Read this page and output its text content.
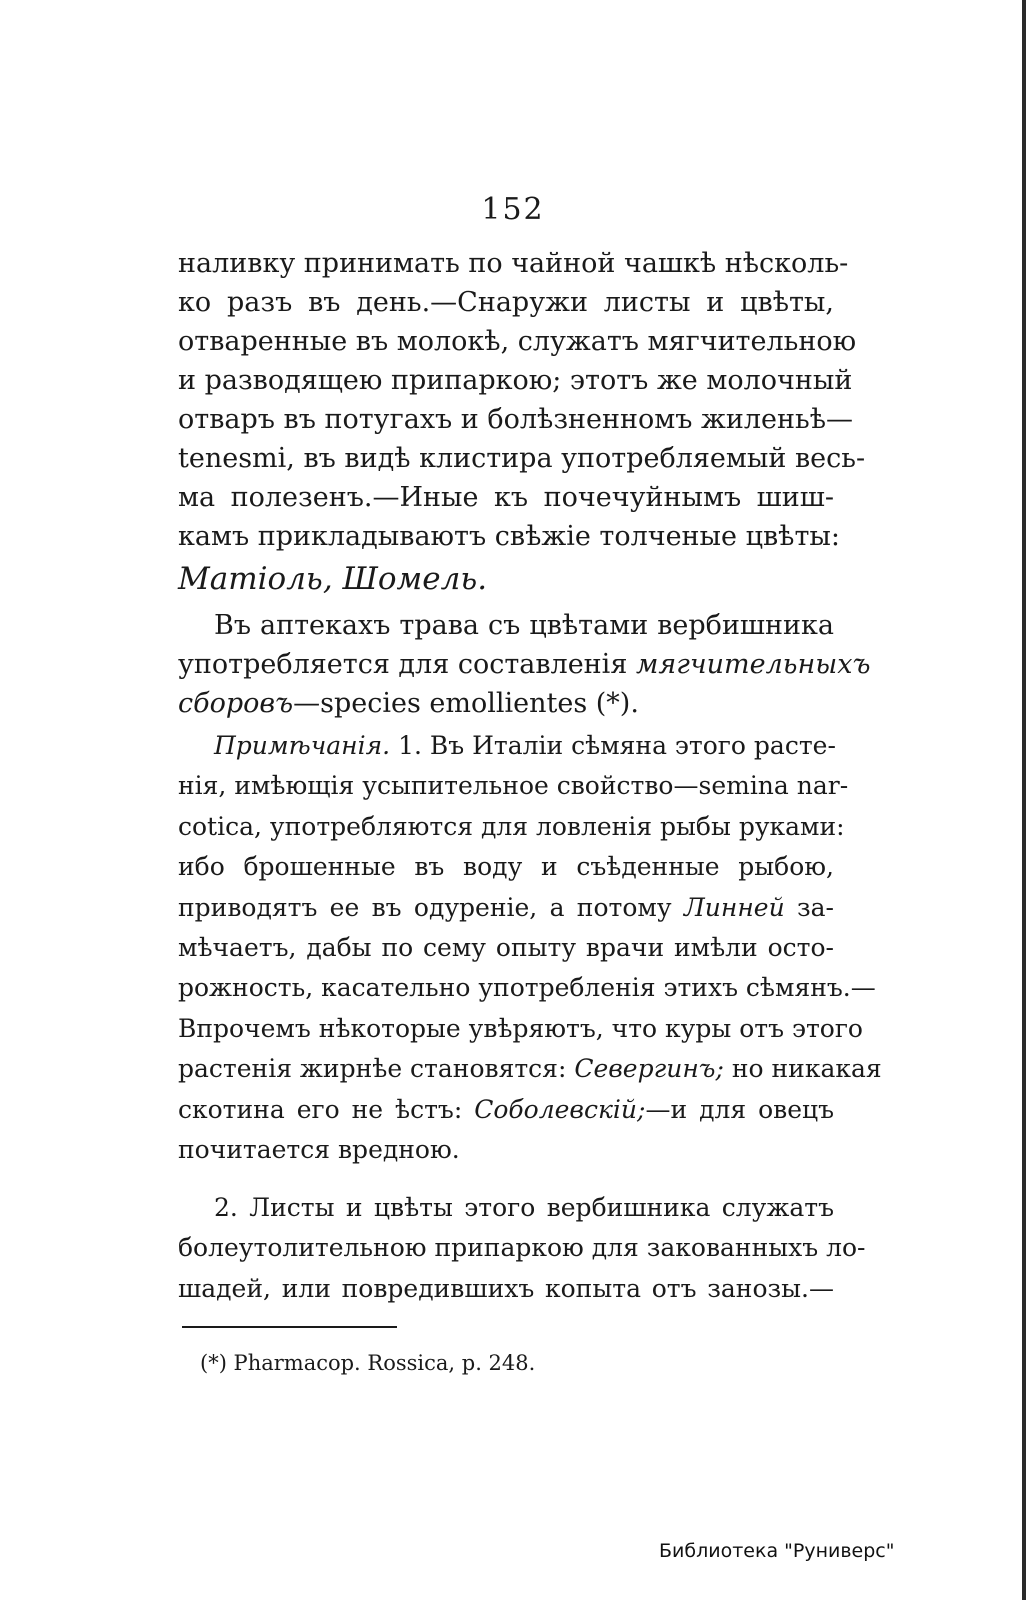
152
наливку принимать по чайной чашкѣ нѣсколь-
ко разъ въ день.—Снаружи листы и цвѣты,
отваренные въ молокѣ, служатъ мягчительною
и разводящею припаркою; этотъ же молочный
отваръ въ потугахъ и болѣзненномъ жиленьѣ—
tenesmi, въ видѣ клистира употребляемый весь-
ма полезенъ.—Иные къ почечуйнымъ шиш-
камъ прикладываютъ свѣжіе толченые цвѣты:
Матіоль, Шомель.
Въ аптекахъ трава съ цвѣтами вербишника
употребляется для составленія мягчительныхъ
сборовъ—species emollientes (*).
Примѣчанія. 1. Въ Италіи сѣмяна этого расте-
нія, имѣющія усыпительное свойство—semina nar-
cotica, употребляются для ловленія рыбы руками:
ибо брошенные въ воду и съѣденные рыбою,
приводятъ ее въ одуреніе, а потому Линней за-
мѣчаетъ, дабы по сему опыту врачи имѣли осто-
рожность, касательно употребленія этихъ сѣмянъ.—
Впрочемъ нѣкоторые увѣряютъ, что куры отъ этого
растенія жирнѣе становятся: Севергинъ; но никакая
скотина его не ѣстъ: Соболевскій;—и для овецъ
почитается вредною.
2. Листы и цвѣты этого вербишника служатъ
болеутолительною припаркою для закованныхъ ло-
шадей, или повредившихъ копыта отъ занозы.—
(*) Pharmacop. Rossica, p. 248.
Библиотека "Руниверс"
